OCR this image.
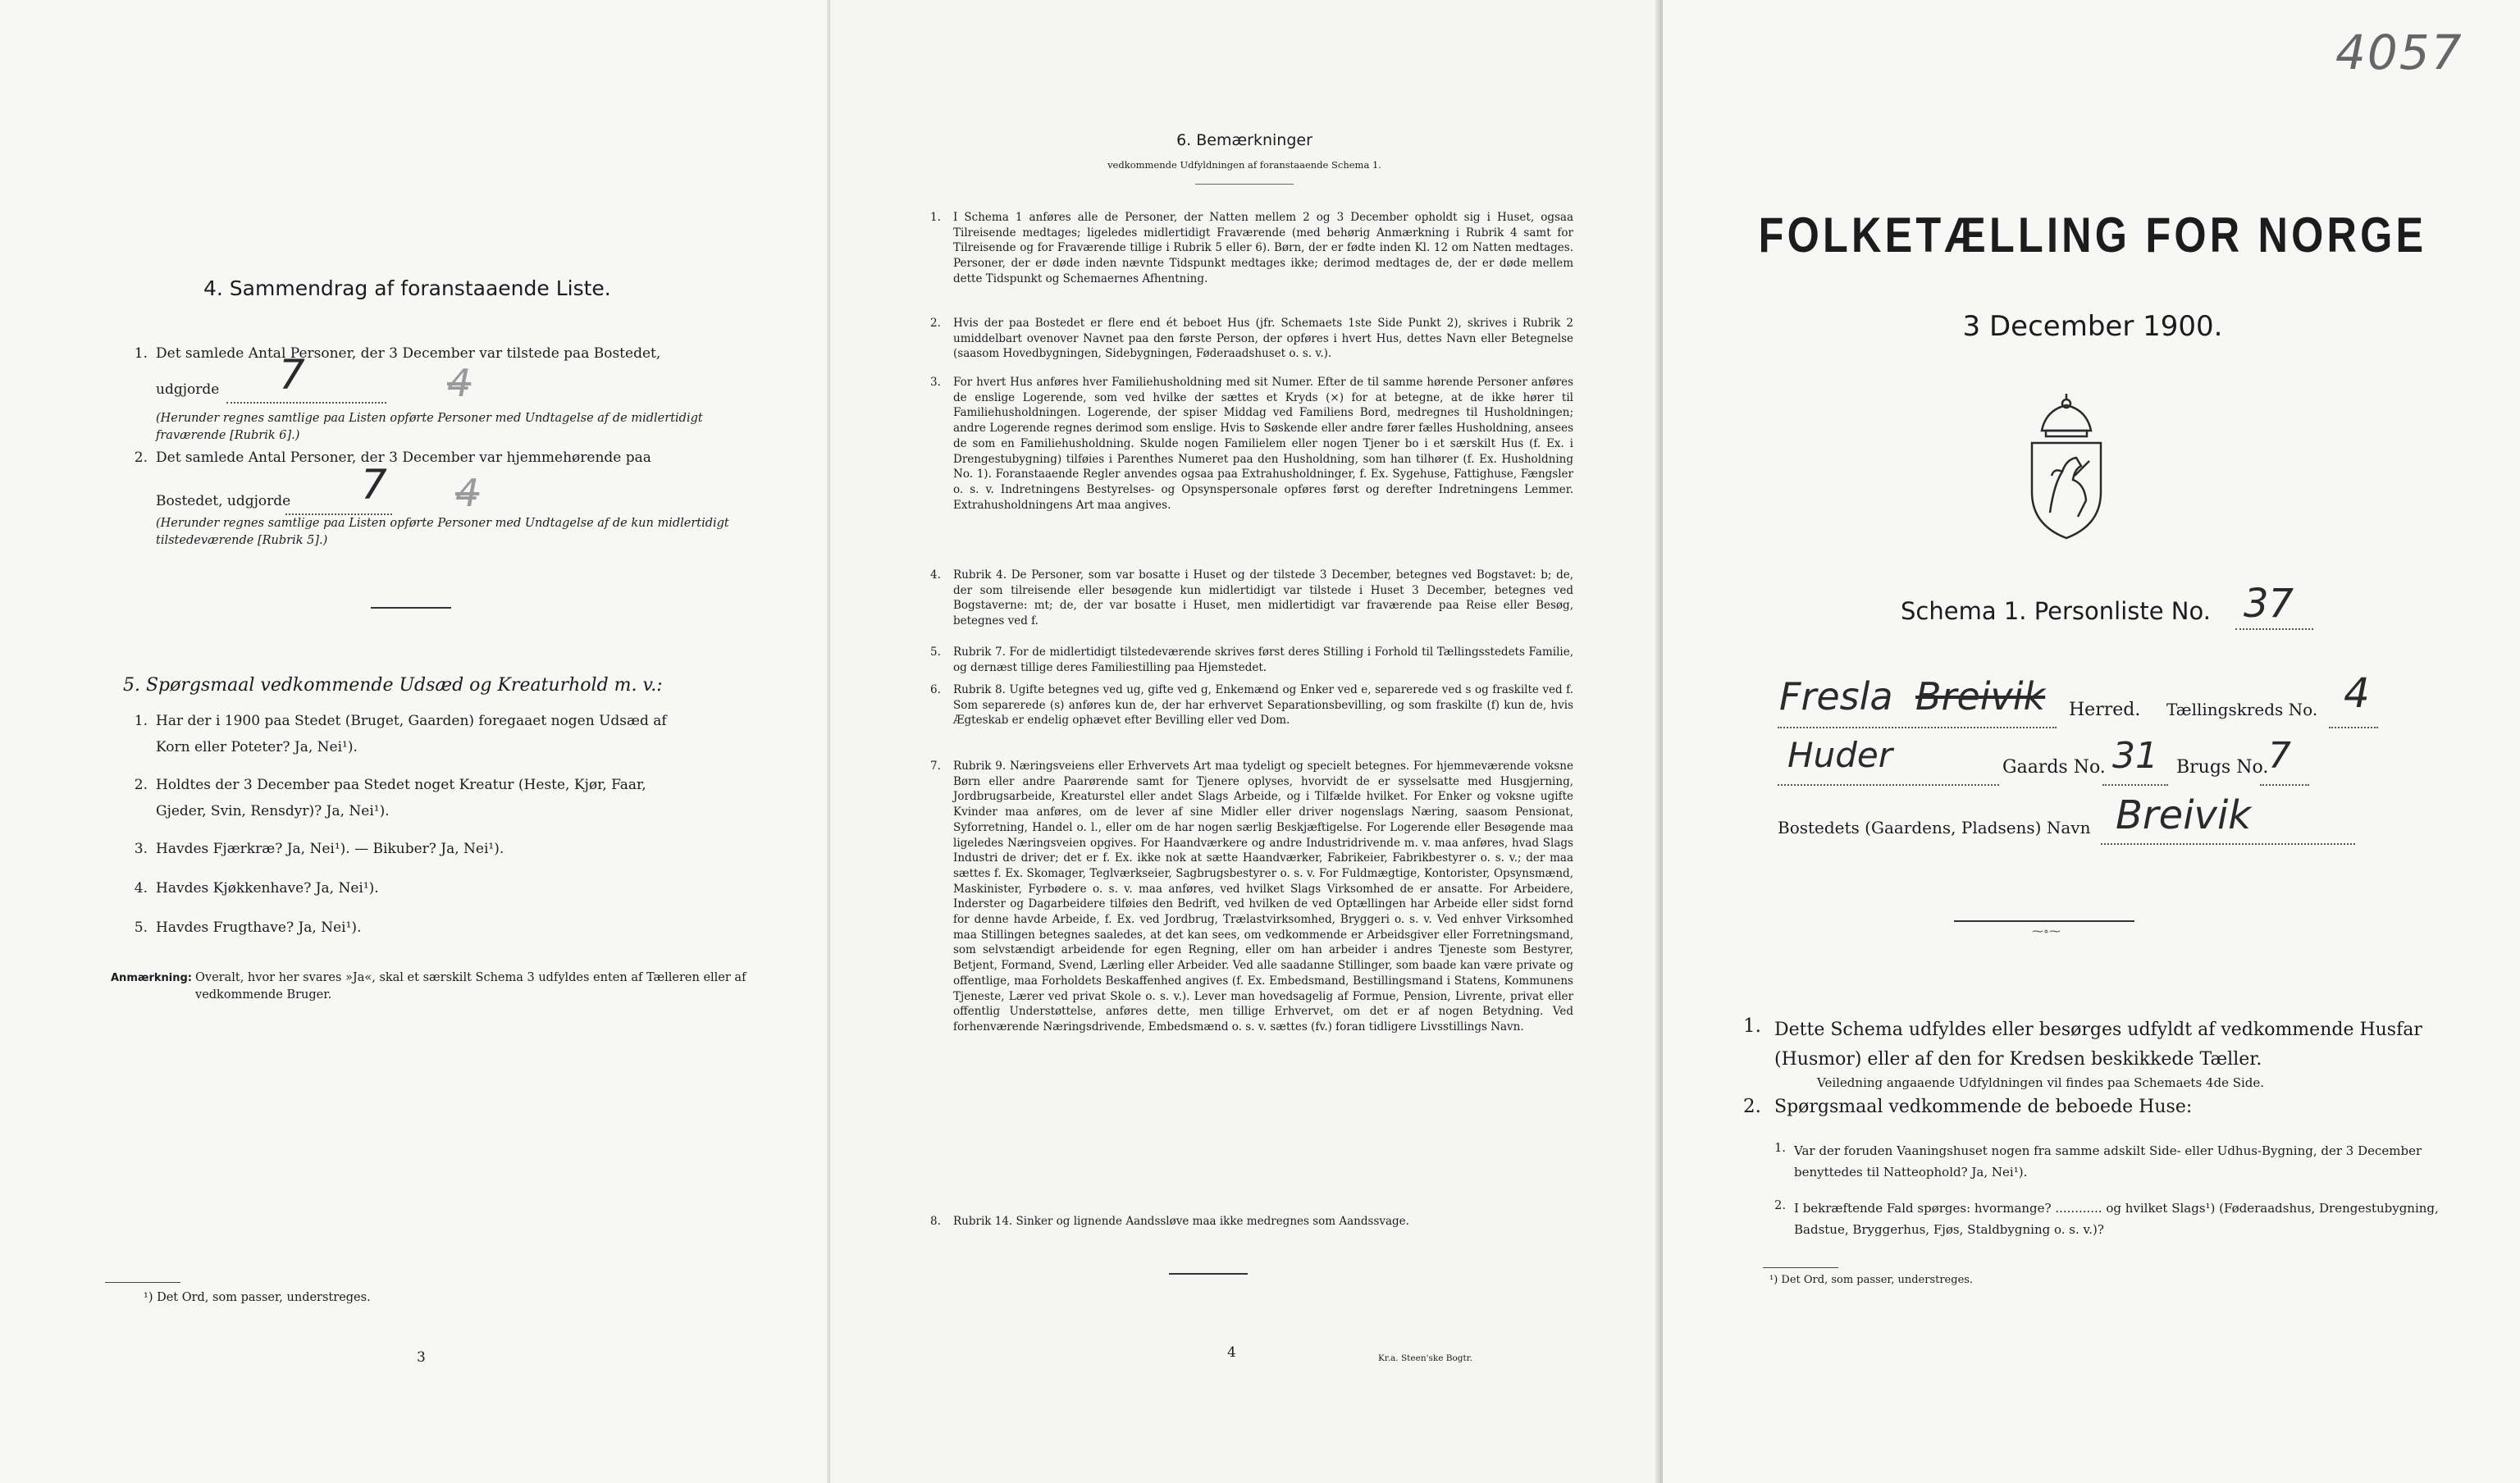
4. Sammendrag af foranstaaende Liste.
1. Det samlede Antal Personer, der 3 December var tilstede paa Bostedet,
udgjorde 7	4
(Herunder regnes samtlige paa Listen opførte Personer med Undtagelse af de midlertidigt fraværende [Rubrik 6].)
2. Det samlede Antal Personer, der 3 December var hjemmehørende paa
Bostedet, udgjorde 7 4
(Herunder regnes samtlige paa Listen opførte Personer med Undtagelse af de kun midlertidigt tilstedeværende [Rubrik 5].)
5. Spørgsmaal vedkommende Udsæd og Kreaturhold m. v.:
1. Har der i 1900 paa Stedet (Bruget, Gaarden) foregaaet nogen Udsæd af
Korn eller Poteter? Ja, Nei¹).
2. Holdtes der 3 December paa Stedet noget Kreatur (Heste, Kjør, Faar,
Gjeder, Svin, Rensdyr)? Ja, Nei¹).
3. Havdes Fjærkræ? Ja, Nei¹). — Bikuber? Ja, Nei¹).
4. Havdes Kjøkkenhave? Ja, Nei¹).
5. Havdes Frugthave? Ja, Nei¹).
Anmærkning: Overalt, hvor her svares »Ja«, skal et særskilt Schema 3 udfyldes enten af Tælleren eller af vedkommende Bruger.
¹) Det Ord, som passer, understreges.
3
6. Bemærkninger
vedkommende Udfyldningen af foranstaaende Schema 1.
1. I Schema 1 anføres alle de Personer, der Natten mellem 2 og 3 December opholdt sig i Huset, ogsaa Tilreisende medtages; ligeledes midlertidigt Fraværende (med behørig Anmærkning i Rubrik 4 samt for Tilreisende og for Fraværende tillige i Rubrik 5 eller 6). Børn, der er fødte inden Kl. 12 om Natten medtages. Personer, der er døde inden nævnte Tidspunkt medtages ikke; derimod medtages de, der er døde mellem dette Tidspunkt og Schemaernes Afhentning.
2. Hvis der paa Bostedet er flere end ét beboet Hus (jfr. Schemaets 1ste Side Punkt 2), skrives i Rubrik 2 umiddelbart ovenover Navnet paa den første Person, der opføres i hvert Hus, dettes Navn eller Betegnelse (saasom Hovedbygningen, Sidebygningen, Føderaadshuset o. s. v.).
3. For hvert Hus anføres hver Familiehusholdning med sit Numer. Efter de til samme hørende Personer anføres de enslige Logerende, som ved hvilke der sættes et Kryds (×) for at betegne, at de ikke hører til Familiehusholdningen. Logerende, der spiser Middag ved Familiens Bord, medregnes til Husholdningen; andre Logerende regnes derimod som enslige. Hvis to Søskende eller andre fører fælles Husholdning, ansees de som en Familiehusholdning. Skulde nogen Familielem eller nogen Tjener bo i et særskilt Hus (f. Ex. i Drengestubygning) tilføies i Parenthes Numeret paa den Husholdning, som han tilhører (f. Ex. Husholdning No. 1). Foranstaaende Regler anvendes ogsaa paa Extrahusholdninger, f. Ex. Sygehuse, Fattighuse, Fængsler o. s. v. Indretningens Bestyrelses- og Opsynspersonale opføres først og derefter Indretningens Lemmer. Extrahusholdningens Art maa angives.
4. Rubrik 4. De Personer, som var bosatte i Huset og der tilstede 3 December, betegnes ved Bogstavet: b; de, der som tilreisende eller besøgende kun midlertidigt var tilstede i Huset 3 December, betegnes ved Bogstaverne: mt; de, der var bosatte i Huset, men midlertidigt var fraværende paa Reise eller Besøg, betegnes ved f.
5. Rubrik 7. For de midlertidigt tilstedeværende skrives først deres Stilling i Forhold til Tællingsstedets Familie, og dernæst tillige deres Familiestilling paa Hjemstedet.
6. Rubrik 8. Ugifte betegnes ved ug, gifte ved g, Enkemænd og Enker ved e, separerede ved s og fraskilte ved f. Som separerede (s) anføres kun de, der har erhvervet Separationsbevilling, og som fraskilte (f) kun de, hvis Ægteskab er endelig ophævet efter Bevilling eller ved Dom.
7. Rubrik 9. Næringsveiens eller Erhvervets Art maa tydeligt og specielt betegnes. For hjemmeværende voksne Børn eller andre Paarørende samt for Tjenere oplyses, hvorvidt de er sysselsatte med Husgjerning, Jordbrugsarbeide, Kreaturstel eller andet Slags Arbeide, og i Tilfælde hvilket. For Enker og voksne ugifte Kvinder maa anføres, om de lever af sine Midler eller driver nogenslags Næring, saasom Pensionat, Syforretning, Handel o. l., eller om de har nogen særlig Beskjæftigelse. For Logerende eller Besøgende maa ligeledes Næringsveien opgives. For Haandværkere og andre Industridrivende m. v. maa anføres, hvad Slags Industri de driver; det er f. Ex. ikke nok at sætte Haandværker, Fabrikeier, Fabrikbestyrer o. s. v.; der maa sættes f. Ex. Skomager, Teglværkseier, Sagbrugsbestyrer o. s. v. For Fuldmægtige, Kontorister, Opsynsmænd, Maskinister, Fyrbødere o. s. v. maa anføres, ved hvilket Slags Virksomhed de er ansatte. For Arbeidere, Inderster og Dagarbeidere tilføies den Bedrift, ved hvilken de ved Optællingen har Arbeide eller sidst fornd for denne havde Arbeide, f. Ex. ved Jordbrug, Trælastvirksomhed, Bryggeri o. s. v. Ved enhver Virksomhed maa Stillingen betegnes saaledes, at det kan sees, om vedkommende er Arbeidsgiver eller Forretningsmand, som selvstændigt arbeidende for egen Regning, eller om han arbeider i andres Tjeneste som Bestyrer, Betjent, Formand, Svend, Lærling eller Arbeider. Ved alle saadanne Stillinger, som baade kan være private og offentlige, maa Forholdets Beskaffenhed angives (f. Ex. Embedsmand, Bestillingsmand i Statens, Kommunens Tjeneste, Lærer ved privat Skole o. s. v.). Lever man hovedsagelig af Formue, Pension, Livrente, privat eller offentlig Understøttelse, anføres dette, men tillige Erhvervet, om det er af nogen Betydning. Ved forhenværende Næringsdrivende, Embedsmænd o. s. v. sættes (fv.) foran tidligere Livsstillings Navn.
8. Rubrik 14. Sinker og lignende Aandssløve maa ikke medregnes som Aandssvage.
4	Kr.a. Steen'ske Bogtr.
4057
FOLKETÆLLING FOR NORGE
3 December 1900.
Schema 1. Personliste No. 37
Fresla Breivik Herred. Tællingskreds No. 4
Huder	Gaards No. 31 Brugs No. 7
Bostedets (Gaardens, Pladsens) Navn Breivik
⁓∘⁓
1. Dette Schema udfyldes eller besørges udfyldt af vedkommende Husfar (Husmor) eller af den for Kredsen beskikkede Tæller.
Veiledning angaaende Udfyldningen vil findes paa Schemaets 4de Side.
2. Spørgsmaal vedkommende de beboede Huse:
1. Var der foruden Vaaningshuset nogen fra samme adskilt Side- eller Udhus-Bygning, der 3 December benyttedes til Natteophold? Ja, Nei¹).
2. I bekræftende Fald spørges: hvormange? ............ og hvilket Slags¹) (Føderaadshus, Drengestubygning, Badstue, Bryggerhus, Fjøs, Staldbygning o. s. v.)?
¹) Det Ord, som passer, understreges.
